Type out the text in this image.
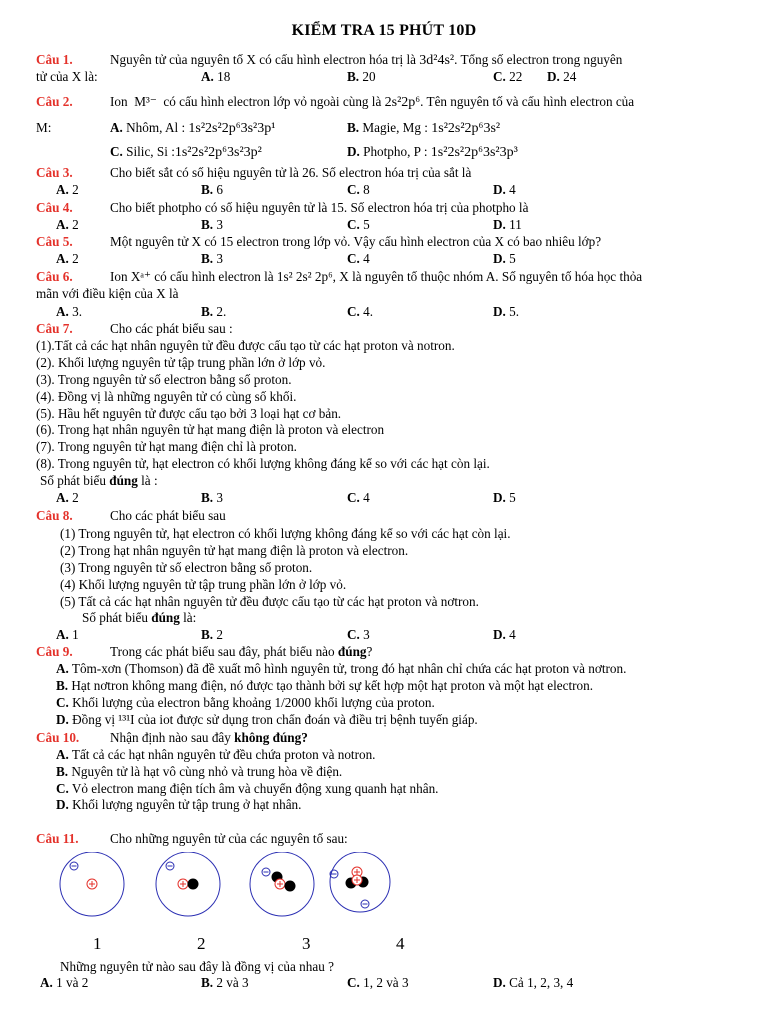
KIỂM TRA 15 PHÚT 10D
Câu 1.	Nguyên tử của nguyên tố X có cấu hình electron hóa trị là 3d²4s². Tổng số electron trong nguyên
tử của X là:	A. 18	B. 20	C. 22 D. 24
Câu 2.	Ion M³⁻ có cấu hình electron lớp vỏ ngoài cùng là 2s²2p⁶. Tên nguyên tố và cấu hình electron của
M:	A. Nhôm, Al : 1s²2s²2p⁶3s²3p¹	B. Magie, Mg : 1s²2s²2p⁶3s²
C. Silic, Si :1s²2s²2p⁶3s²3p²	D. Photpho, P : 1s²2s²2p⁶3s²3p³
Câu 3.	Cho biết sắt có số hiệu nguyên tử là 26. Số electron hóa trị của sắt là
A. 2	B. 6	C. 8	D. 4
Câu 4.	Cho biết photpho có số hiệu nguyên tử là 15. Số electron hóa trị của photpho là
A. 2	B. 3	C. 5	D. 11
Câu 5.	Một nguyên tử X có 15 electron trong lớp vỏ. Vậy cấu hình electron của X có bao nhiêu lớp?
A. 2	B. 3	C. 4	D. 5
Câu 6.	Ion Xᵃ⁺ có cấu hình electron là 1s² 2s² 2p⁶, X là nguyên tố thuộc nhóm A. Số nguyên tố hóa học thỏa
mãn với điều kiện của X là
A. 3.	B. 2.	C. 4.	D. 5.
Câu 7.	Cho các phát biểu sau :
(1).Tất cả các hạt nhân nguyên tử đều được cấu tạo từ các hạt proton và notron.
(2). Khối lượng nguyên tử tập trung phần lớn ở lớp vỏ.
(3). Trong nguyên tử số electron bằng số proton.
(4). Đồng vị là những nguyên tử có cùng số khối.
(5). Hầu hết nguyên tử được cấu tạo bởi 3 loại hạt cơ bản.
(6). Trong hạt nhân nguyên tử hạt mang điện là proton và electron
(7). Trong nguyên tử hạt mang điện chỉ là proton.
(8). Trong nguyên tử, hạt electron có khối lượng không đáng kể so với các hạt còn lại.
Số phát biểu đúng là :
A. 2	B. 3	C. 4	D. 5
Câu 8.	Cho các phát biểu sau
(1) Trong nguyên tử, hạt electron có khối lượng không đáng kể so với các hạt còn lại.
(2) Trong hạt nhân nguyên tử hạt mang điện là proton và electron.
(3) Trong nguyên tử số electron bằng số proton.
(4) Khối lượng nguyên tử tập trung phần lớn ở lớp vỏ.
(5) Tất cả các hạt nhân nguyên tử đều được cấu tạo từ các hạt proton và nơtron.
Số phát biểu đúng là:
A. 1	B. 2	C. 3	D. 4
Câu 9.	Trong các phát biểu sau đây, phát biểu nào đúng?
A. Tôm-xơn (Thomson) đã đề xuất mô hình nguyên tử, trong đó hạt nhân chỉ chứa các hạt proton và nơtron.
B. Hạt nơtron không mang điện, nó được tạo thành bởi sự kết hợp một hạt proton và một hạt electron.
C. Khối lượng của electron bằng khoảng 1/2000 khối lượng của proton.
D. Đồng vị ¹³¹I của iot được sử dụng tron chẩn đoán và điều trị bệnh tuyến giáp.
Câu 10. Nhận định nào sau đây không đúng?
A. Tất cả các hạt nhân nguyên tử đều chứa proton và notron.
B. Nguyên tử là hạt vô cùng nhỏ và trung hòa về điện.
C. Vỏ electron mang điện tích âm và chuyển động xung quanh hạt nhân.
D. Khối lượng nguyên tử tập trung ở hạt nhân.
Câu 11. Cho những nguyên tử của các nguyên tố sau:
1	2	3	4
Những nguyên tử nào sau đây là đồng vị của nhau ?
A. 1 và 2	B. 2 và 3	C. 1, 2 và 3	D. Cả 1, 2, 3, 4
